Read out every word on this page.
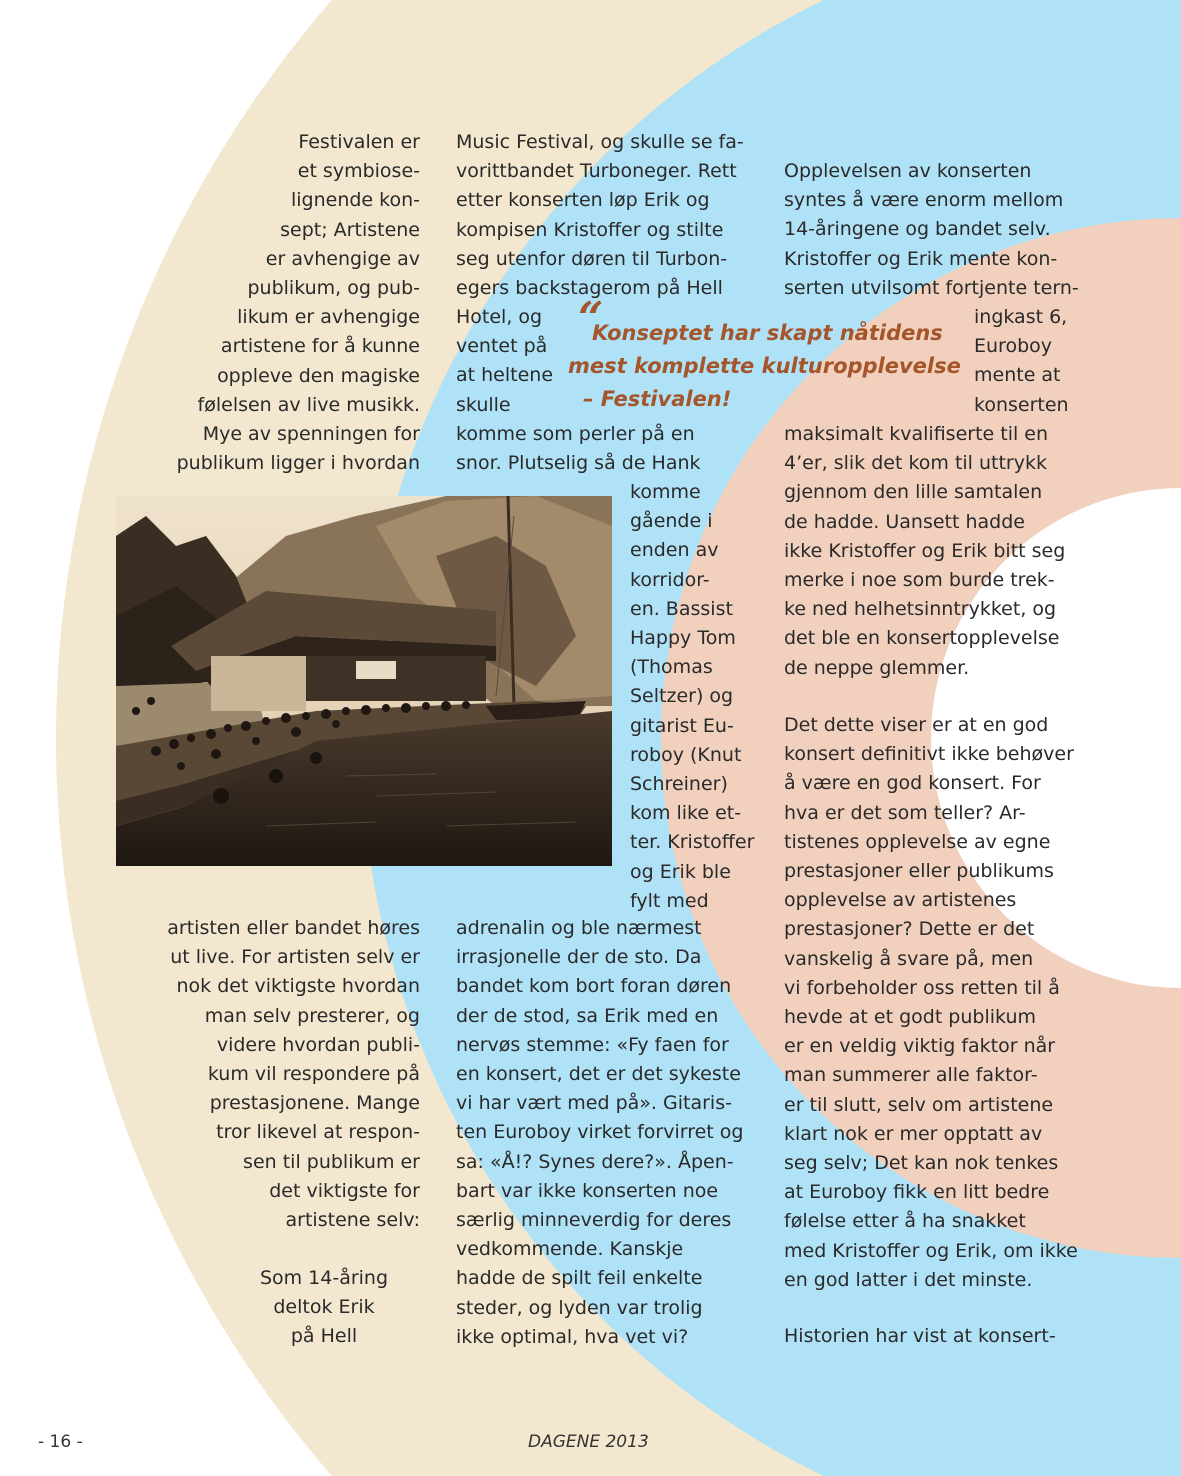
Festivalen er
et symbiose-
lignende kon-
sept; Artistene
er avhengige av
publikum, og pub-
likum er avhengige
artistene for å kunne
oppleve den magiske
følelsen av live musikk.
Mye av spenningen for
publikum ligger i hvordan
artisten eller bandet høres
ut live. For artisten selv er
nok det viktigste hvordan
man selv presterer, og
videre hvordan publi-
kum vil respondere på
prestasjonene. Mange
tror likevel at respon-
sen til publikum er
det viktigste for
artistene selv:
Som 14-åring
deltok Erik
på Hell
Music Festival, og skulle se fa-
vorittbandet Turboneger. Rett
etter konserten løp Erik og
kompisen Kristoffer og stilte
seg utenfor døren til Turbon-
egers backstagerom på Hell
Hotel, og
ventet på
at heltene
skulle
komme som perler på en
snor. Plutselig så de Hank
komme
gående i
enden av
korridor-
en. Bassist
Happy Tom
(Thomas
Seltzer) og
gitarist Eu-
roboy (Knut
Schreiner)
kom like et-
ter. Kristoffer
og Erik ble
fylt med
adrenalin og ble nærmest
irrasjonelle der de sto. Da
bandet kom bort foran døren
der de stod, sa Erik med en
nervøs stemme: «Fy faen for
en konsert, det er det sykeste
vi har vært med på». Gitaris-
ten Euroboy virket forvirret og
sa: «Å!? Synes dere?». Åpen-
bart var ikke konserten noe
særlig minneverdig for deres
vedkommende. Kanskje
hadde de spilt feil enkelte
steder, og lyden var trolig
ikke optimal, hva vet vi?
Opplevelsen av konserten
syntes å være enorm mellom
14-åringene og bandet selv.
Kristoffer og Erik mente kon-
serten utvilsomt fortjente tern-
ingkast 6,
Euroboy
mente at
konserten
maksimalt kvalifiserte til en
4’er, slik det kom til uttrykk
gjennom den lille samtalen
de hadde. Uansett hadde
ikke Kristoffer og Erik bitt seg
merke i noe som burde trek-
ke ned helhetsinntrykket, og
det ble en konsertopplevelse
de neppe glemmer.
Det dette viser er at en god
konsert definitivt ikke behøver
å være en god konsert. For
hva er det som teller? Ar-
tistenes opplevelse av egne
prestasjoner eller publikums
opplevelse av artistenes
prestasjoner? Dette er det
vanskelig å svare på, men
vi forbeholder oss retten til å
hevde at et godt publikum
er en veldig viktig faktor når
man summerer alle faktor-
er til slutt, selv om artistene
klart nok er mer opptatt av
seg selv; Det kan nok tenkes
at Euroboy fikk en litt bedre
følelse etter å ha snakket
med Kristoffer og Erik, om ikke
en god latter i det minste.
Historien har vist at konsert-
“
Konseptet har skapt nåtidens
mest komplette kulturopplevelse
– Festivalen!
- 16 -	DAGENE 2013
